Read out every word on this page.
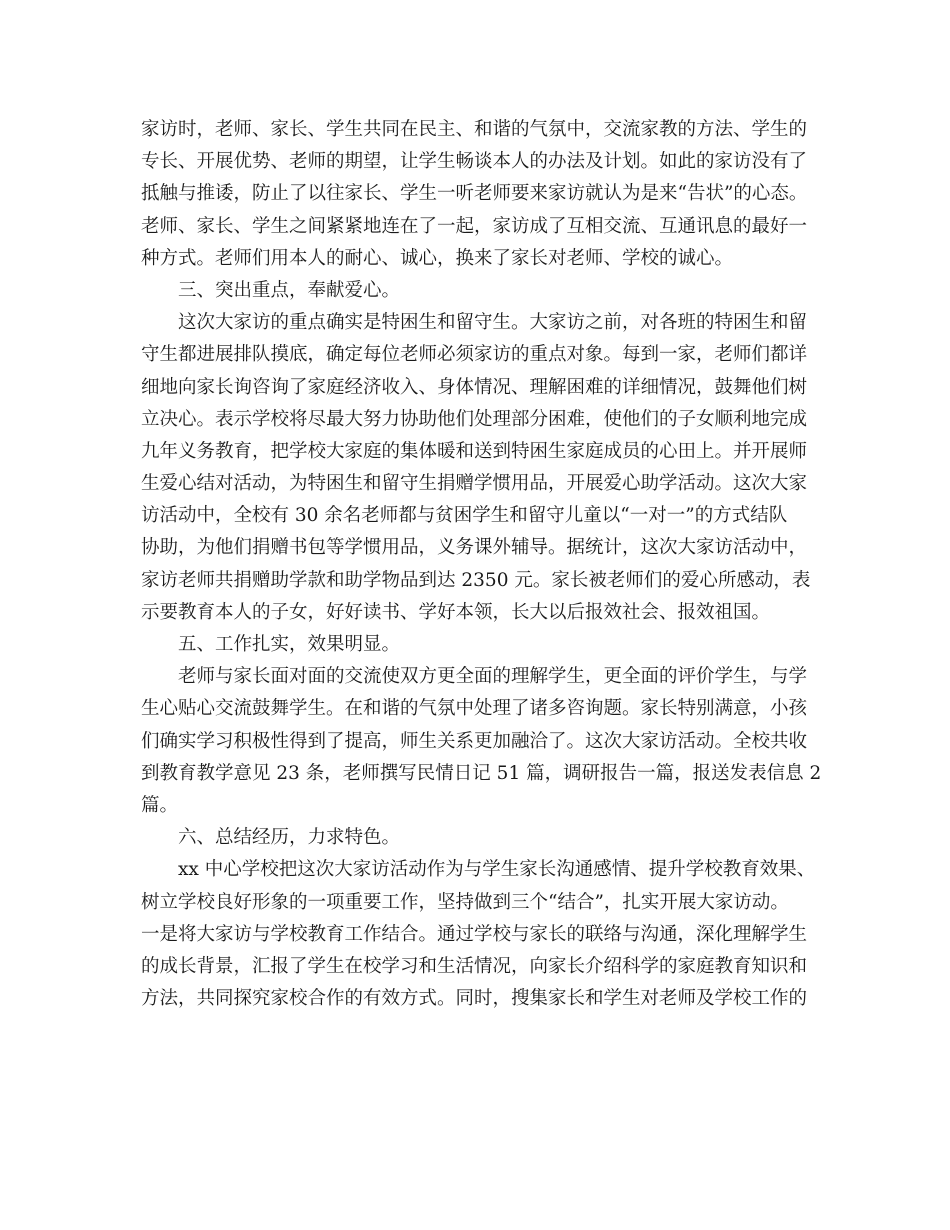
家访时，老师、家长、学生共同在民主、和谐的气氛中，交流家教的方法、学生的
专长、开展优势、老师的期望，让学生畅谈本人的办法及计划。如此的家访没有了
抵触与推诿，防止了以往家长、学生一听老师要来家访就认为是来“告状”的心态。
老师、家长、学生之间紧紧地连在了一起，家访成了互相交流、互通讯息的最好一
种方式。老师们用本人的耐心、诚心，换来了家长对老师、学校的诚心。
三、突出重点，奉献爱心。
这次大家访的重点确实是特困生和留守生。大家访之前，对各班的特困生和留
守生都进展排队摸底，确定每位老师必须家访的重点对象。每到一家，老师们都详
细地向家长询咨询了家庭经济收入、身体情况、理解困难的详细情况，鼓舞他们树
立决心。表示学校将尽最大努力协助他们处理部分困难，使他们的子女顺利地完成
九年义务教育，把学校大家庭的集体暖和送到特困生家庭成员的心田上。并开展师
生爱心结对活动，为特困生和留守生捐赠学惯用品，开展爱心助学活动。这次大家
访活动中，全校有 30 余名老师都与贫困学生和留守儿童以“一对一”的方式结队
协助，为他们捐赠书包等学惯用品，义务课外辅导。据统计，这次大家访活动中，
家访老师共捐赠助学款和助学物品到达 2350 元。家长被老师们的爱心所感动，表
示要教育本人的子女，好好读书、学好本领，长大以后报效社会、报效祖国。
五、工作扎实，效果明显。
老师与家长面对面的交流使双方更全面的理解学生，更全面的评价学生，与学
生心贴心交流鼓舞学生。在和谐的气氛中处理了诸多咨询题。家长特别满意，小孩
们确实学习积极性得到了提高，师生关系更加融洽了。这次大家访活动。全校共收
到教育教学意见 23 条，老师撰写民情日记 51 篇，调研报告一篇，报送发表信息 2
篇。
六、总结经历，力求特色。
xx 中心学校把这次大家访活动作为与学生家长沟通感情、提升学校教育效果、
树立学校良好形象的一项重要工作，坚持做到三个“结合”，扎实开展大家访动。
一是将大家访与学校教育工作结合。通过学校与家长的联络与沟通，深化理解学生
的成长背景，汇报了学生在校学习和生活情况，向家长介绍科学的家庭教育知识和
方法，共同探究家校合作的有效方式。同时，搜集家长和学生对老师及学校工作的
